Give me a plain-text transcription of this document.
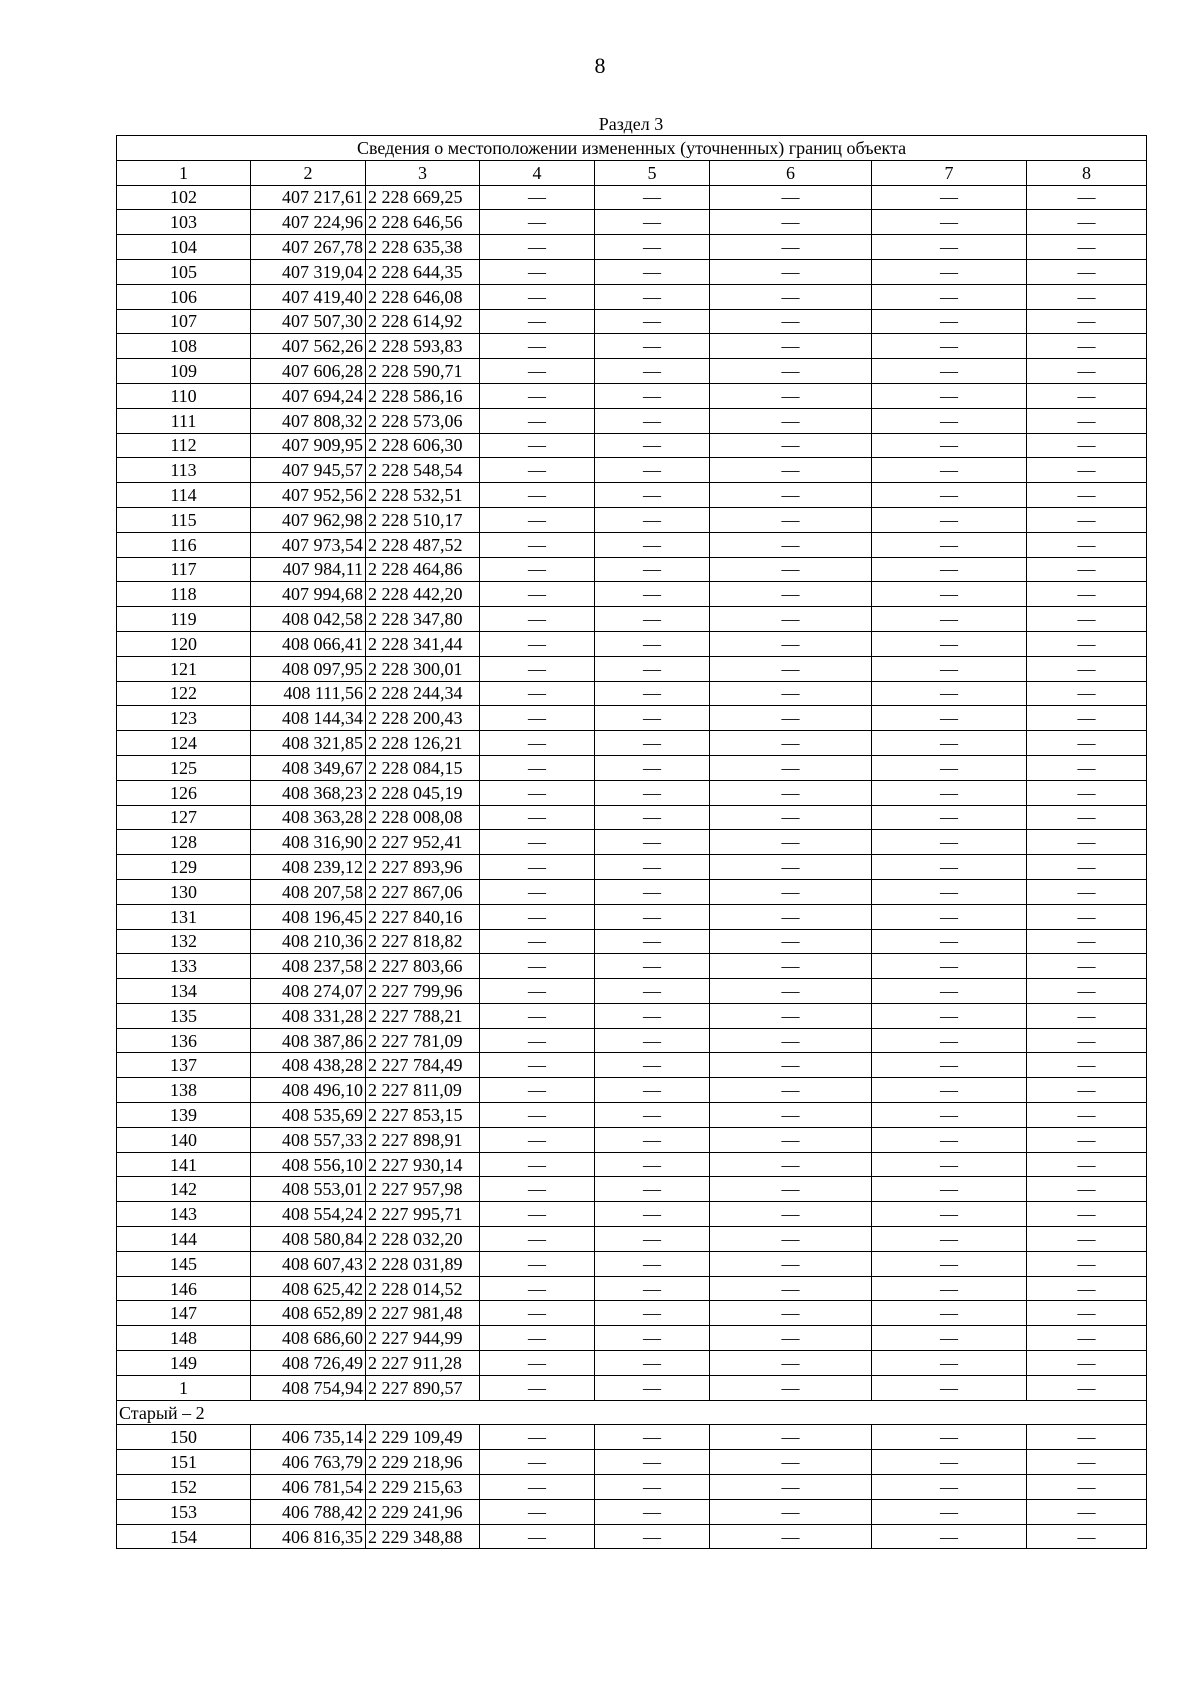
8
Раздел 3
Сведения о местоположении измененных (уточненных) границ объекта							
1	2	3	4	5	6	7	8
102	407 217,61	2 228 669,25	—	—	—	—	—
103	407 224,96	2 228 646,56	—	—	—	—	—
104	407 267,78	2 228 635,38	—	—	—	—	—
105	407 319,04	2 228 644,35	—	—	—	—	—
106	407 419,40	2 228 646,08	—	—	—	—	—
107	407 507,30	2 228 614,92	—	—	—	—	—
108	407 562,26	2 228 593,83	—	—	—	—	—
109	407 606,28	2 228 590,71	—	—	—	—	—
110	407 694,24	2 228 586,16	—	—	—	—	—
111	407 808,32	2 228 573,06	—	—	—	—	—
112	407 909,95	2 228 606,30	—	—	—	—	—
113	407 945,57	2 228 548,54	—	—	—	—	—
114	407 952,56	2 228 532,51	—	—	—	—	—
115	407 962,98	2 228 510,17	—	—	—	—	—
116	407 973,54	2 228 487,52	—	—	—	—	—
117	407 984,11	2 228 464,86	—	—	—	—	—
118	407 994,68	2 228 442,20	—	—	—	—	—
119	408 042,58	2 228 347,80	—	—	—	—	—
120	408 066,41	2 228 341,44	—	—	—	—	—
121	408 097,95	2 228 300,01	—	—	—	—	—
122	408 111,56	2 228 244,34	—	—	—	—	—
123	408 144,34	2 228 200,43	—	—	—	—	—
124	408 321,85	2 228 126,21	—	—	—	—	—
125	408 349,67	2 228 084,15	—	—	—	—	—
126	408 368,23	2 228 045,19	—	—	—	—	—
127	408 363,28	2 228 008,08	—	—	—	—	—
128	408 316,90	2 227 952,41	—	—	—	—	—
129	408 239,12	2 227 893,96	—	—	—	—	—
130	408 207,58	2 227 867,06	—	—	—	—	—
131	408 196,45	2 227 840,16	—	—	—	—	—
132	408 210,36	2 227 818,82	—	—	—	—	—
133	408 237,58	2 227 803,66	—	—	—	—	—
134	408 274,07	2 227 799,96	—	—	—	—	—
135	408 331,28	2 227 788,21	—	—	—	—	—
136	408 387,86	2 227 781,09	—	—	—	—	—
137	408 438,28	2 227 784,49	—	—	—	—	—
138	408 496,10	2 227 811,09	—	—	—	—	—
139	408 535,69	2 227 853,15	—	—	—	—	—
140	408 557,33	2 227 898,91	—	—	—	—	—
141	408 556,10	2 227 930,14	—	—	—	—	—
142	408 553,01	2 227 957,98	—	—	—	—	—
143	408 554,24	2 227 995,71	—	—	—	—	—
144	408 580,84	2 228 032,20	—	—	—	—	—
145	408 607,43	2 228 031,89	—	—	—	—	—
146	408 625,42	2 228 014,52	—	—	—	—	—
147	408 652,89	2 227 981,48	—	—	—	—	—
148	408 686,60	2 227 944,99	—	—	—	—	—
149	408 726,49	2 227 911,28	—	—	—	—	—
1	408 754,94	2 227 890,57	—	—	—	—	—
Старый – 2							
150	406 735,14	2 229 109,49	—	—	—	—	—
151	406 763,79	2 229 218,96	—	—	—	—	—
152	406 781,54	2 229 215,63	—	—	—	—	—
153	406 788,42	2 229 241,96	—	—	—	—	—
154	406 816,35	2 229 348,88	—	—	—	—	—
